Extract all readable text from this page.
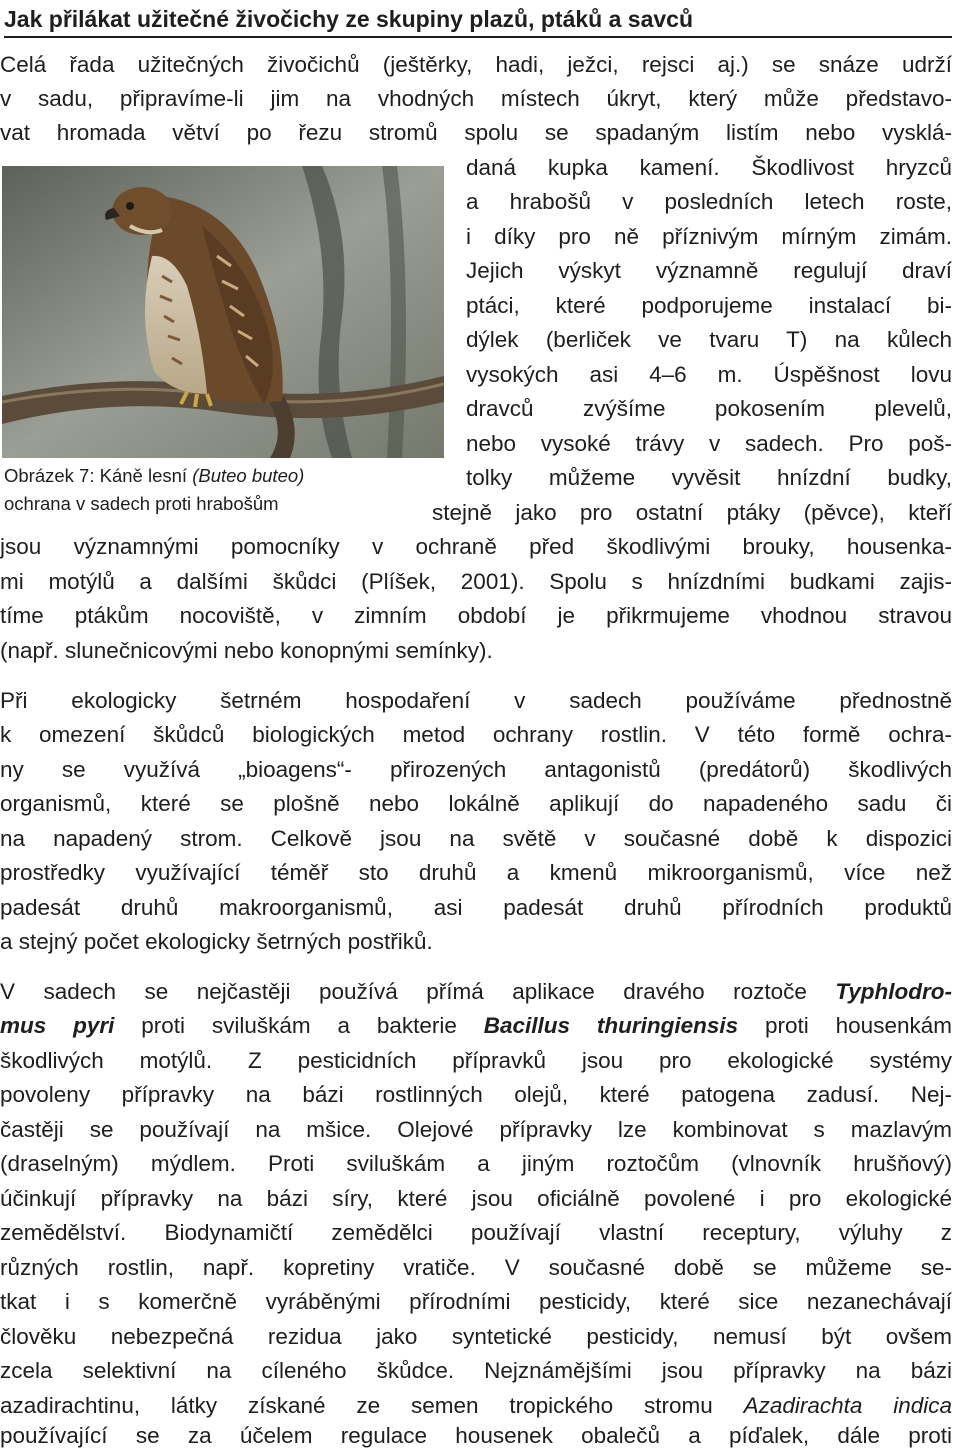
Jak přilákat užitečné živočichy ze skupiny plazů, ptáků a savců
Celá řada užitečných živočichů (ještěrky, hadi, ježci, rejsci aj.) se snáze udrží
v sadu, připravíme-li jim na vhodných místech úkryt, který může představo-
vat hromada větví po řezu stromů spolu se spadaným listím nebo vysklá-
daná kupka kamení. Škodlivost hryzců
a hrabošů v posledních letech roste,
i díky pro ně příznivým mírným zimám.
Jejich výskyt významně regulují draví
ptáci, které podporujeme instalací bi-
dýlek (berliček ve tvaru T) na kůlech
vysokých asi 4–6 m. Úspěšnost lovu
dravců zvýšíme pokosením plevelů,
nebo vysoké trávy v sadech. Pro poš-
tolky můžeme vyvěsit hnízdní budky,
stejně jako pro ostatní ptáky (pěvce), kteří
jsou významnými pomocníky v ochraně před škodlivými brouky, housenka-
mi motýlů a dalšími škůdci (Plíšek, 2001). Spolu s hnízdními budkami zajis-
tíme ptákům nocoviště, v zimním období je přikrmujeme vhodnou stravou
(např. slunečnicovými nebo konopnými semínky).
Obrázek 7: Káně lesní (Buteo buteo)
ochrana v sadech proti hrabošům
Při ekologicky šetrném hospodaření v sadech používáme přednostně
k omezení škůdců biologických metod ochrany rostlin. V této formě ochra-
ny se využívá „bioagens“- přirozených antagonistů (predátorů) škodlivých
organismů, které se plošně nebo lokálně aplikují do napadeného sadu či
na napadený strom. Celkově jsou na světě v současné době k dispozici
prostředky využívající téměř sto druhů a kmenů mikroorganismů, více než
padesát druhů makroorganismů, asi padesát druhů přírodních produktů
a stejný počet ekologicky šetrných postřiků.
V sadech se nejčastěji používá přímá aplikace dravého roztoče Typhlodro-
mus pyri proti sviluškám a bakterie Bacillus thuringiensis proti housenkám
škodlivých motýlů. Z pesticidních přípravků jsou pro ekologické systémy
povoleny přípravky na bázi rostlinných olejů, které patogena zadusí. Nej-
častěji se používají na mšice. Olejové přípravky lze kombinovat s mazlavým
(draselným) mýdlem. Proti sviluškám a jiným roztočům (vlnovník hrušňový)
účinkují přípravky na bázi síry, které jsou oficiálně povolené i pro ekologické
zemědělství. Biodynamičtí zemědělci používají vlastní receptury, výluhy z
různých rostlin, např. kopretiny vratiče. V současné době se můžeme se-
tkat i s komerčně vyráběnými přírodními pesticidy, které sice nezanechávají
člověku nebezpečná rezidua jako syntetické pesticidy, nemusí být ovšem
zcela selektivní na cíleného škůdce. Nejznámějšími jsou přípravky na bázi
azadirachtinu, látky získané ze semen tropického stromu Azadirachta indica
používající se za účelem regulace housenek obalečů a píďalek, dále proti
